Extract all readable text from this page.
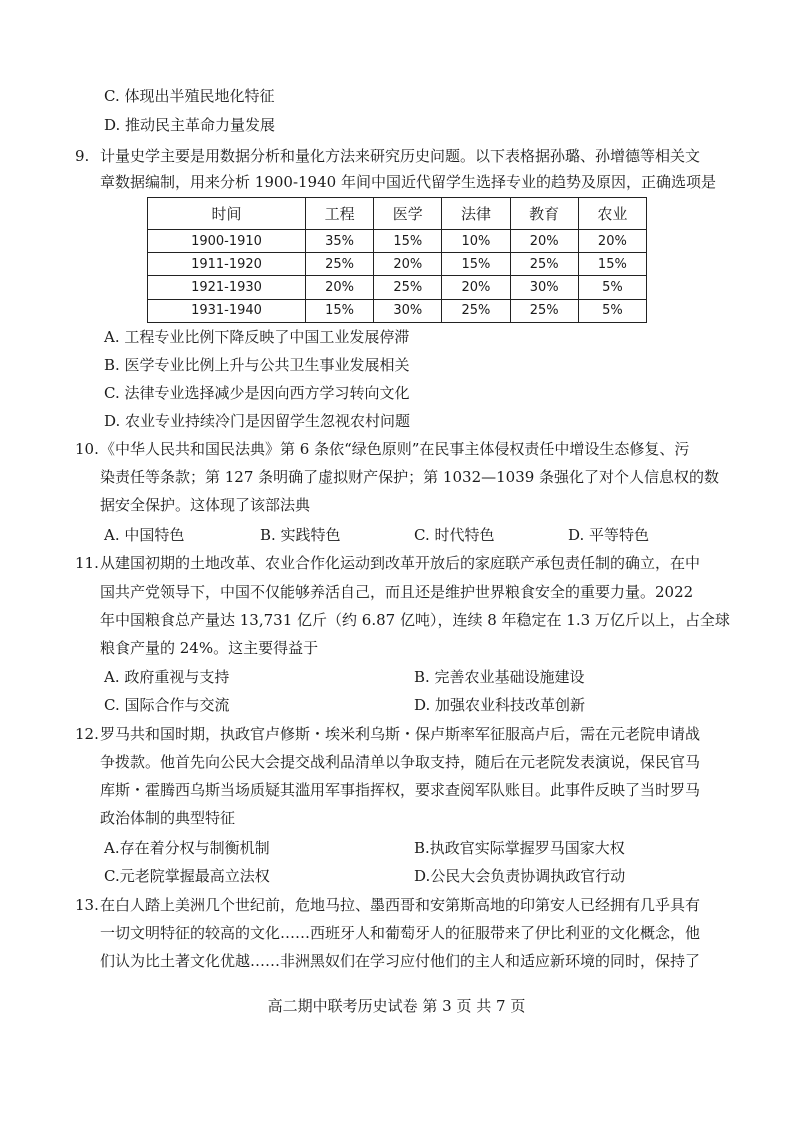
C. 体现出半殖民地化特征
D. 推动民主革命力量发展
9. 计量史学主要是用数据分析和量化方法来研究历史问题。以下表格据孙璐、孙增德等相关文
章数据编制，用来分析 1900-1940 年间中国近代留学生选择专业的趋势及原因，正确选项是
时间	工程	医学	法律	教育	农业
1900-1910	35%	15%	10%	20%	20%
1911-1920	25%	20%	15%	25%	15%
1921-1930	20%	25%	20%	30%	5%
1931-1940	15%	30%	25%	25%	5%
A. 工程专业比例下降反映了中国工业发展停滞
B. 医学专业比例上升与公共卫生事业发展相关
C. 法律专业选择减少是因向西方学习转向文化
D. 农业专业持续冷门是因留学生忽视农村问题
10. 《中华人民共和国民法典》第 6 条依“绿色原则”在民事主体侵权责任中增设生态修复、污
染责任等条款；第 127 条明确了虚拟财产保护；第 1032—1039 条强化了对个人信息权的数
据安全保护。这体现了该部法典
A. 中国特色	B. 实践特色	C. 时代特色	D. 平等特色
11. 从建国初期的土地改革、农业合作化运动到改革开放后的家庭联产承包责任制的确立，在中
国共产党领导下，中国不仅能够养活自己，而且还是维护世界粮食安全的重要力量。2022
年中国粮食总产量达 13,731 亿斤（约 6.87 亿吨），连续 8 年稳定在 1.3 万亿斤以上，占全球
粮食产量的 24%。这主要得益于
A. 政府重视与支持	B. 完善农业基础设施建设
C. 国际合作与交流	D. 加强农业科技改革创新
12. 罗马共和国时期，执政官卢修斯・埃米利乌斯・保卢斯率军征服高卢后，需在元老院申请战
争拨款。他首先向公民大会提交战利品清单以争取支持，随后在元老院发表演说，保民官马
库斯・霍腾西乌斯当场质疑其滥用军事指挥权，要求查阅军队账目。此事件反映了当时罗马
政治体制的典型特征
A.存在着分权与制衡机制	B.执政官实际掌握罗马国家大权
C.元老院掌握最高立法权	D.公民大会负责协调执政官行动
13. 在白人踏上美洲几个世纪前，危地马拉、墨西哥和安第斯高地的印第安人已经拥有几乎具有
一切文明特征的较高的文化……西班牙人和葡萄牙人的征服带来了伊比利亚的文化概念，他
们认为比土著文化优越……非洲黑奴们在学习应付他们的主人和适应新环境的同时，保持了
高二期中联考历史试卷 第 3 页 共 7 页
